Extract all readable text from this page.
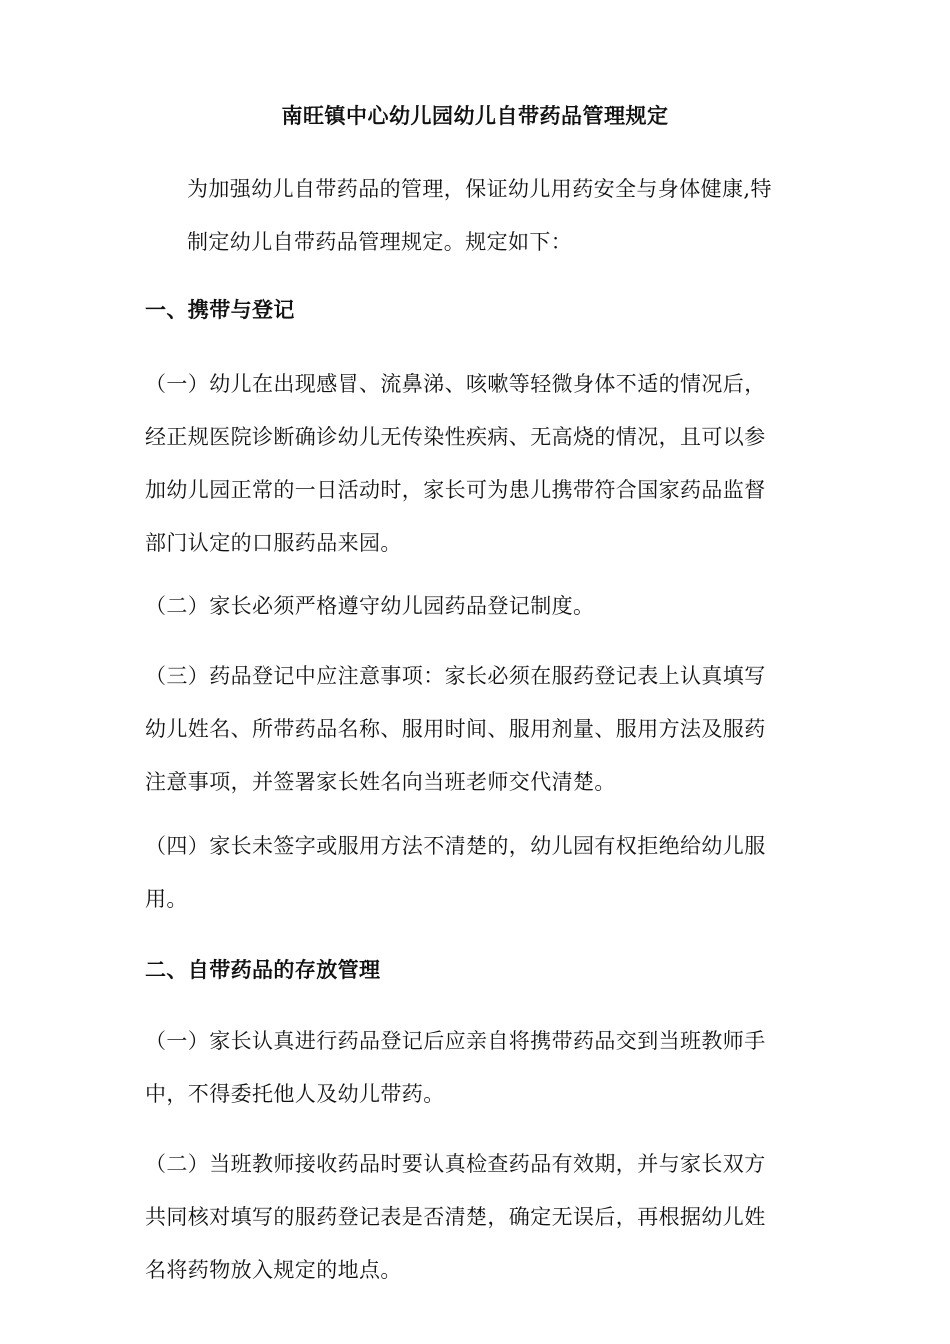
南旺镇中心幼儿园幼儿自带药品管理规定
为加强幼儿自带药品的管理，保证幼儿用药安全与身体健康,特
制定幼儿自带药品管理规定。规定如下：
一、携带与登记
（一）幼儿在出现感冒、流鼻涕、咳嗽等轻微身体不适的情况后，
经正规医院诊断确诊幼儿无传染性疾病、无高烧的情况，且可以参
加幼儿园正常的一日活动时，家长可为患儿携带符合国家药品监督
部门认定的口服药品来园。
（二）家长必须严格遵守幼儿园药品登记制度。
（三）药品登记中应注意事项：家长必须在服药登记表上认真填写
幼儿姓名、所带药品名称、服用时间、服用剂量、服用方法及服药
注意事项，并签署家长姓名向当班老师交代清楚。
（四）家长未签字或服用方法不清楚的，幼儿园有权拒绝给幼儿服
用。
二、自带药品的存放管理
（一）家长认真进行药品登记后应亲自将携带药品交到当班教师手
中，不得委托他人及幼儿带药。
（二）当班教师接收药品时要认真检查药品有效期，并与家长双方
共同核对填写的服药登记表是否清楚，确定无误后，再根据幼儿姓
名将药物放入规定的地点。
